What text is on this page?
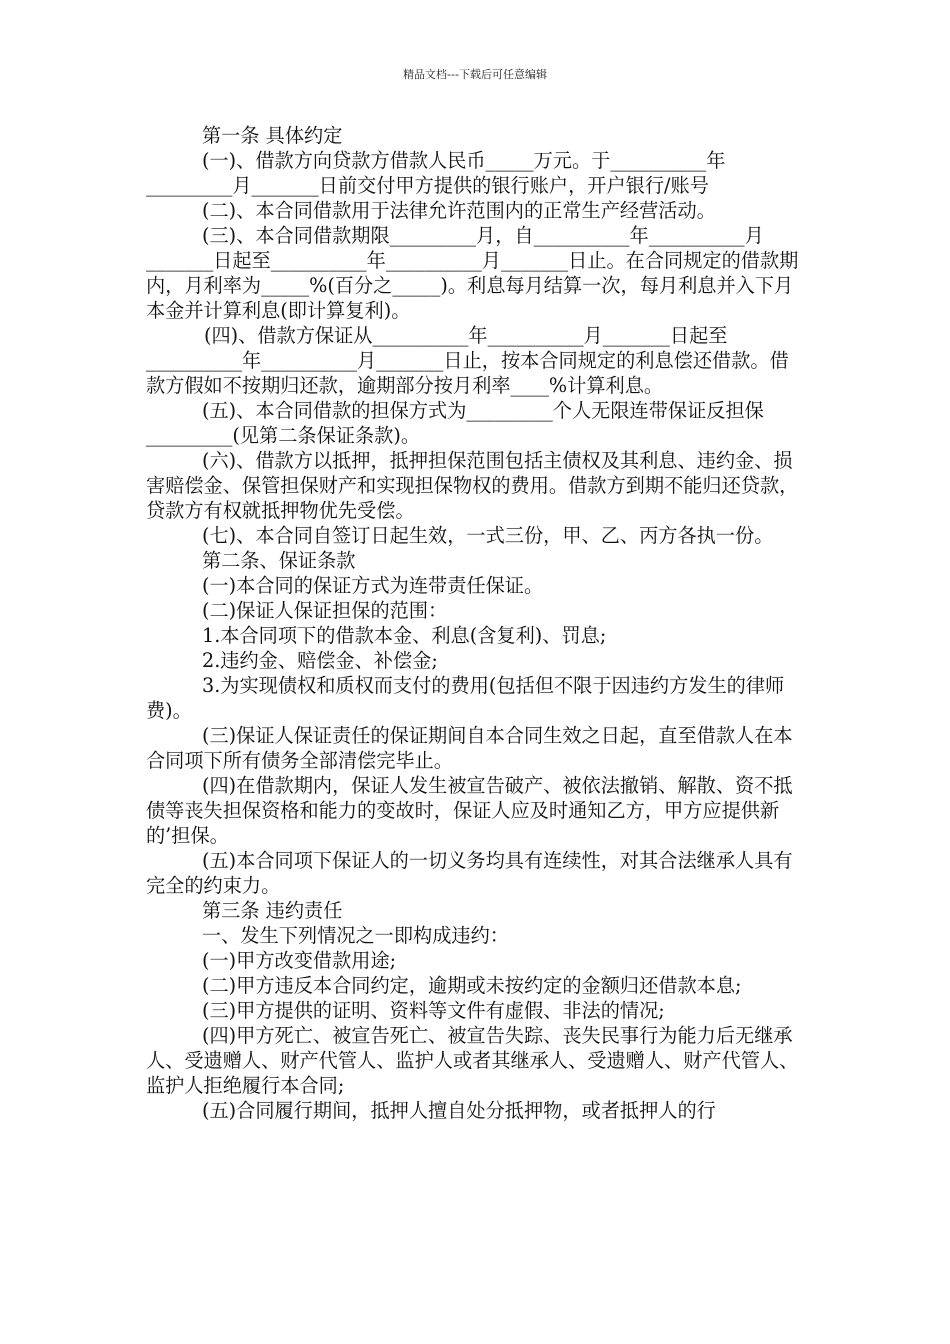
精品文档---下载后可任意编辑

第一条 具体约定

(一)、借款方向贷款方借款人民币_____万元。于__________年_________月_______日前交付甲方提供的银行账户，开户银行/账号

(二)、本合同借款用于法律允许范围内的正常生产经营活动。

(三)、本合同借款期限_________月，自__________年__________月_______日起至__________年__________月_______日止。在合同规定的借款期内，月利率为_____%(百分之_____)。利息每月结算一次，每月利息并入下月本金并计算利息(即计算复利)。

(四)、借款方保证从__________年__________月_______日起至__________年__________月_______日止，按本合同规定的利息偿还借款。借款方假如不按期归还款，逾期部分按月利率____%计算利息。

(五)、本合同借款的担保方式为_________个人无限连带保证反担保_________(见第二条保证条款)。

(六)、借款方以抵押，抵押担保范围包括主债权及其利息、违约金、损害赔偿金、保管担保财产和实现担保物权的费用。借款方到期不能归还贷款，贷款方有权就抵押物优先受偿。

(七)、本合同自签订日起生效，一式三份，甲、乙、丙方各执一份。

第二条、保证条款

(一)本合同的保证方式为连带责任保证。

(二)保证人保证担保的范围：

1.本合同项下的借款本金、利息(含复利)、罚息;

2.违约金、赔偿金、补偿金;

3.为实现债权和质权而支付的费用(包括但不限于因违约方发生的律师费)。

(三)保证人保证责任的保证期间自本合同生效之日起，直至借款人在本合同项下所有债务全部清偿完毕止。

(四)在借款期内，保证人发生被宣告破产、被依法撤销、解散、资不抵债等丧失担保资格和能力的变故时，保证人应及时通知乙方，甲方应提供新的’担保。

(五)本合同项下保证人的一切义务均具有连续性，对其合法继承人具有完全的约束力。

第三条 违约责任

一、发生下列情况之一即构成违约：

(一)甲方改变借款用途;

(二)甲方违反本合同约定，逾期或未按约定的金额归还借款本息;

(三)甲方提供的证明、资料等文件有虚假、非法的情况;

(四)甲方死亡、被宣告死亡、被宣告失踪、丧失民事行为能力后无继承人、受遗赠人、财产代管人、监护人或者其继承人、受遗赠人、财产代管人、监护人拒绝履行本合同;

(五)合同履行期间，抵押人擅自处分抵押物，或者抵押人的行
